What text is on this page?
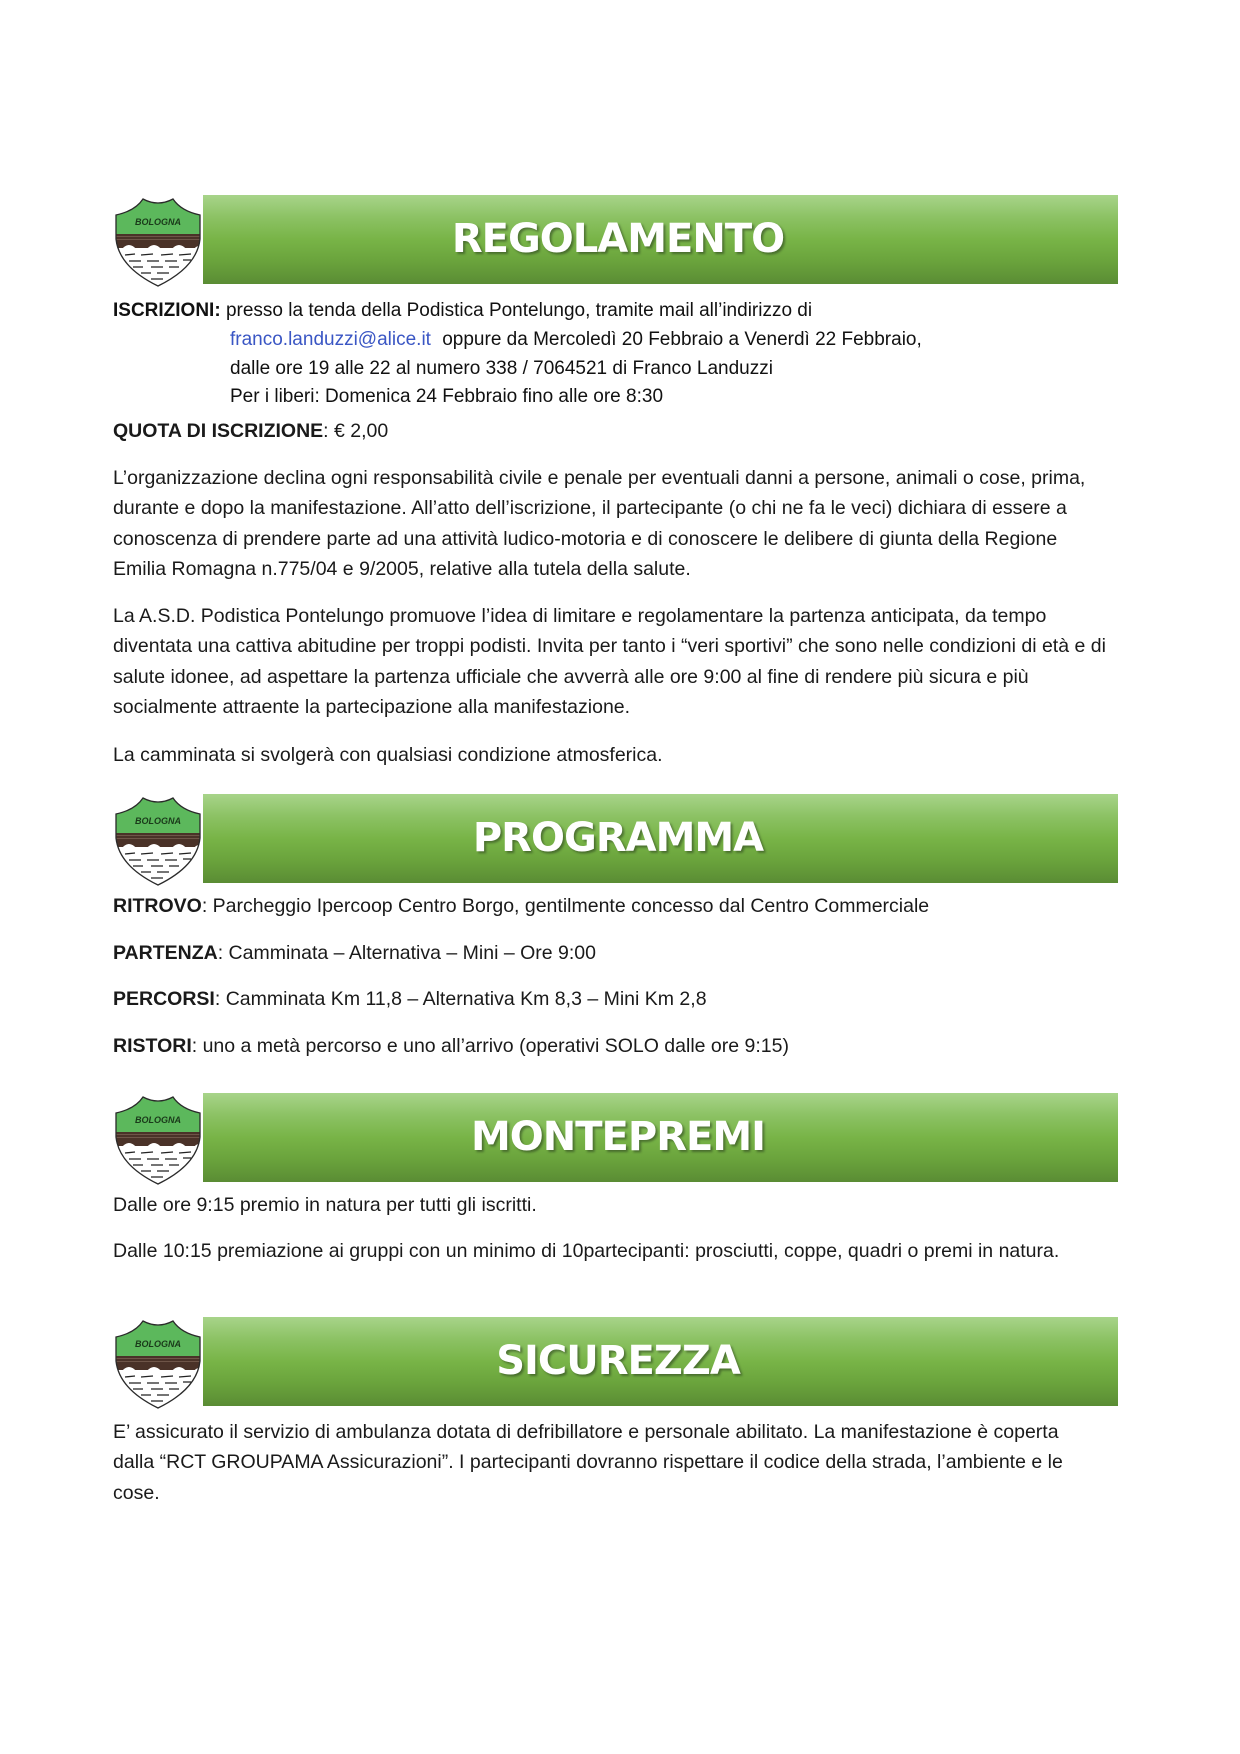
REGOLAMENTO
ISCRIZIONI: presso la tenda della Podistica Pontelungo, tramite mail all’indirizzo di
franco.landuzzi@alice.it oppure da Mercoledì 20 Febbraio a Venerdì 22 Febbraio,
dalle ore 19 alle 22 al numero 338 / 7064521 di Franco Landuzzi
Per i liberi: Domenica 24 Febbraio fino alle ore 8:30
QUOTA DI ISCRIZIONE: € 2,00
L’organizzazione declina ogni responsabilità civile e penale per eventuali danni a persone, animali o cose, prima, durante e dopo la manifestazione. All’atto dell’iscrizione, il partecipante (o chi ne fa le veci) dichiara di essere a conoscenza di prendere parte ad una attività ludico-motoria e di conoscere le delibere di giunta della Regione Emilia Romagna n.775/04 e 9/2005, relative alla tutela della salute.
La A.S.D. Podistica Pontelungo promuove l’idea di limitare e regolamentare la partenza anticipata, da tempo diventata una cattiva abitudine per troppi podisti. Invita per tanto i “veri sportivi” che sono nelle condizioni di età e di salute idonee, ad aspettare la partenza ufficiale che avverrà alle ore 9:00 al fine di rendere più sicura e più socialmente attraente la partecipazione alla manifestazione.
La camminata si svolgerà con qualsiasi condizione atmosferica.
PROGRAMMA
RITROVO: Parcheggio Ipercoop Centro Borgo, gentilmente concesso dal Centro Commerciale
PARTENZA: Camminata – Alternativa – Mini – Ore 9:00
PERCORSI: Camminata Km 11,8 – Alternativa Km 8,3 – Mini Km 2,8
RISTORI: uno a metà percorso e uno all’arrivo (operativi SOLO dalle ore 9:15)
MONTEPREMI
Dalle ore 9:15 premio in natura per tutti gli iscritti.
Dalle 10:15 premiazione ai gruppi con un minimo di 10partecipanti: prosciutti, coppe, quadri o premi in natura.
SICUREZZA
E’ assicurato il servizio di ambulanza dotata di defribillatore e personale abilitato. La manifestazione è coperta dalla “RCT GROUPAMA Assicurazioni”. I partecipanti dovranno rispettare il codice della strada, l’ambiente e le cose.
